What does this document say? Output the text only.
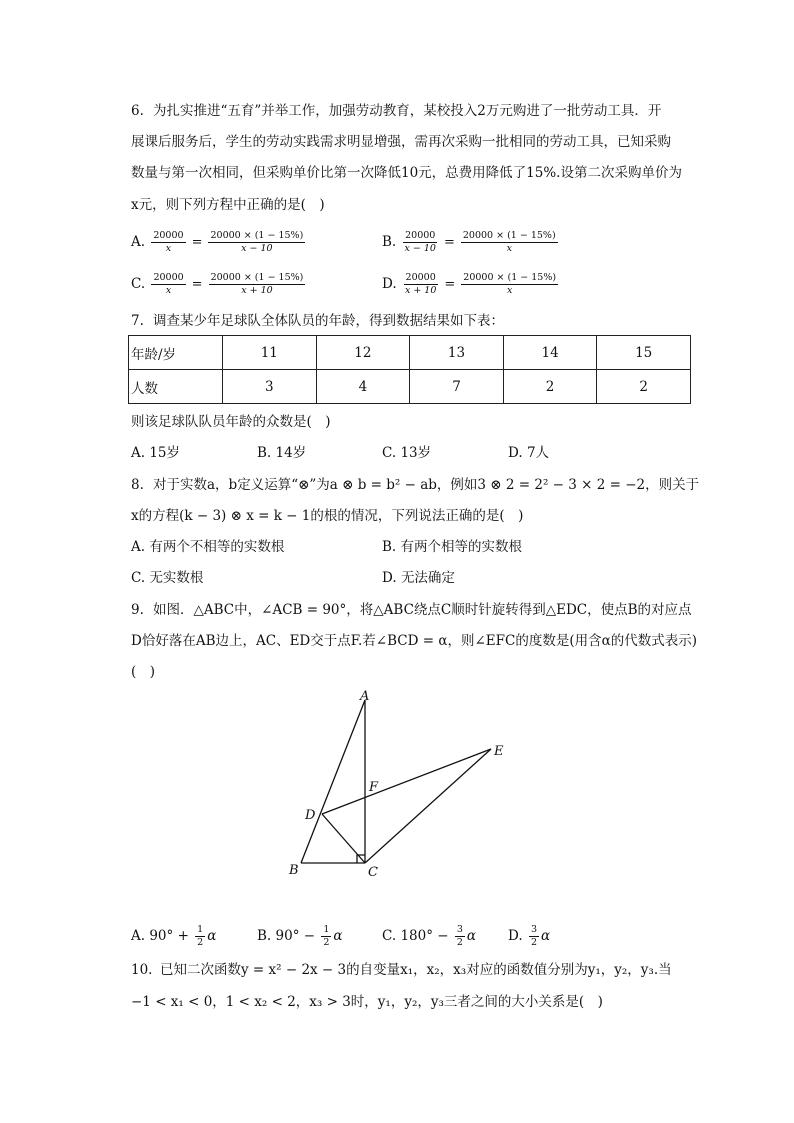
6. 为扎实推进“五育”并举工作，加强劳动教育，某校投入2万元购进了一批劳动工具．开
展课后服务后，学生的劳动实践需求明显增强，需再次采购一批相同的劳动工具，已知采购
数量与第一次相同，但采购单价比第一次降低10元，总费用降低了15%.设第二次采购单价为
x元，则下列方程中正确的是(　)
A. $\frac{20000}{x} = \frac{20000 \times (1 - 15\%)}{x - 10}$	B. $\frac{20000}{x - 10} = \frac{20000 \times (1 - 15\%)}{x}$
C. $\frac{20000}{x} = \frac{20000 \times (1 - 15\%)}{x + 10}$	D. $\frac{20000}{x + 10} = \frac{20000 \times (1 - 15\%)}{x}$
7. 调查某少年足球队全体队员的年龄，得到数据结果如下表：
年龄/岁	11	12	13	14	15
人数	3	4	7	2	2
则该足球队队员年龄的众数是(　)
A. 15岁	B. 14岁	C. 13岁	D. 7人
8. 对于实数a，b定义运算“⊗”为a ⊗ b = b² − ab，例如3 ⊗ 2 = 2² − 3 × 2 = −2，则关于
x的方程(k − 3) ⊗ x = k − 1的根的情况，下列说法正确的是(　)
A. 有两个不相等的实数根	B. 有两个相等的实数根
C. 无实数根	D. 无法确定
9. 如图．△ABC中，∠ACB = 90°，将△ABC绕点C顺时针旋转得到△EDC，使点B的对应点
D恰好落在AB边上，AC、ED交于点F.若∠BCD = α，则∠EFC的度数是(用含α的代数式表示)
(　)
A
B	C
D
E
F
A. $90^\circ + \frac{1}{2}$ α	B. $90^\circ - \frac{1}{2}$ α	C. $180^\circ - \frac{3}{2}$ α D. $\frac{3}{2}$ α
10. 已知二次函数y = x² − 2x − 3的自变量x₁，x₂，x₃对应的函数值分别为y₁，y₂，y₃.当
−1 < x₁ < 0，1 < x₂ < 2，x₃ > 3时，y₁，y₂，y₃三者之间的大小关系是(　)
